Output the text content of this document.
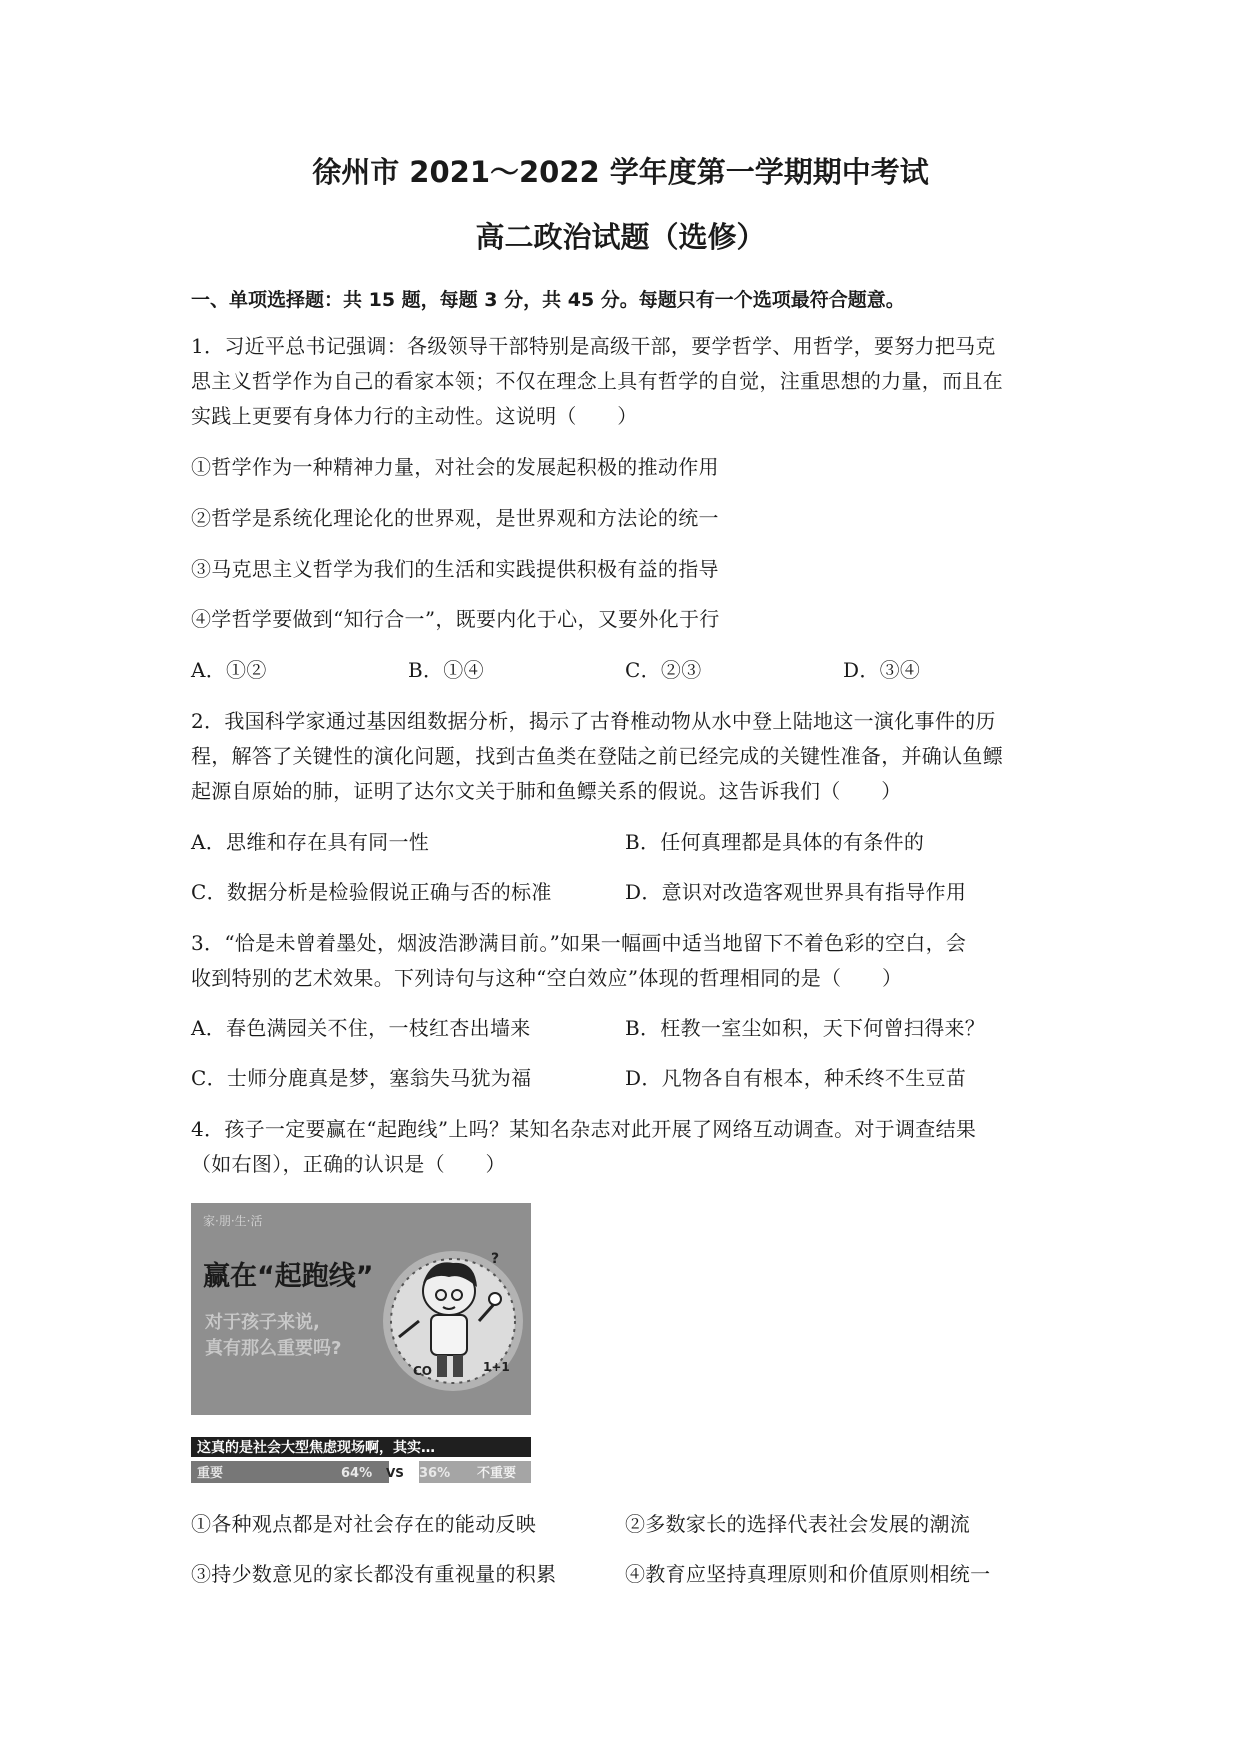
徐州市 2021～2022 学年度第一学期期中考试
高二政治试题（选修）
一、单项选择题：共 15 题，每题 3 分，共 45 分。每题只有一个选项最符合题意。
1．习近平总书记强调：各级领导干部特别是高级干部，要学哲学、用哲学，要努力把马克
思主义哲学作为自己的看家本领；不仅在理念上具有哲学的自觉，注重思想的力量，而且在
实践上更要有身体力行的主动性。这说明（　　）
①哲学作为一种精神力量，对社会的发展起积极的推动作用
②哲学是系统化理论化的世界观，是世界观和方法论的统一
③马克思主义哲学为我们的生活和实践提供积极有益的指导
④学哲学要做到“知行合一”，既要内化于心，又要外化于行
A．①②	B．①④	C．②③	D．③④
2．我国科学家通过基因组数据分析，揭示了古脊椎动物从水中登上陆地这一演化事件的历
程，解答了关键性的演化问题，找到古鱼类在登陆之前已经完成的关键性准备，并确认鱼鳔
起源自原始的肺，证明了达尔文关于肺和鱼鳔关系的假说。这告诉我们（　　）
A．思维和存在具有同一性	B．任何真理都是具体的有条件的
C．数据分析是检验假说正确与否的标准	D．意识对改造客观世界具有指导作用
3．“恰是未曾着墨处，烟波浩渺满目前。”如果一幅画中适当地留下不着色彩的空白，会
收到特别的艺术效果。下列诗句与这种“空白效应”体现的哲理相同的是（　　）
A．春色满园关不住，一枝红杏出墙来	B．枉教一室尘如积，天下何曾扫得来？
C．士师分鹿真是梦，塞翁失马犹为福	D．凡物各自有根本，种禾终不生豆苗
4．孩子一定要赢在“起跑线”上吗？某知名杂志对此开展了网络互动调查。对于调查结果
（如右图），正确的认识是（　　）
家·朋·生·活
赢在“起跑线”
对于孩子来说,
真有那么重要吗?
CO	1+1
?
这真的是社会大型焦虑现场啊，其实…
重要	64% VS 36% 不重要
①各种观点都是对社会存在的能动反映	②多数家长的选择代表社会发展的潮流
③持少数意见的家长都没有重视量的积累	④教育应坚持真理原则和价值原则相统一
